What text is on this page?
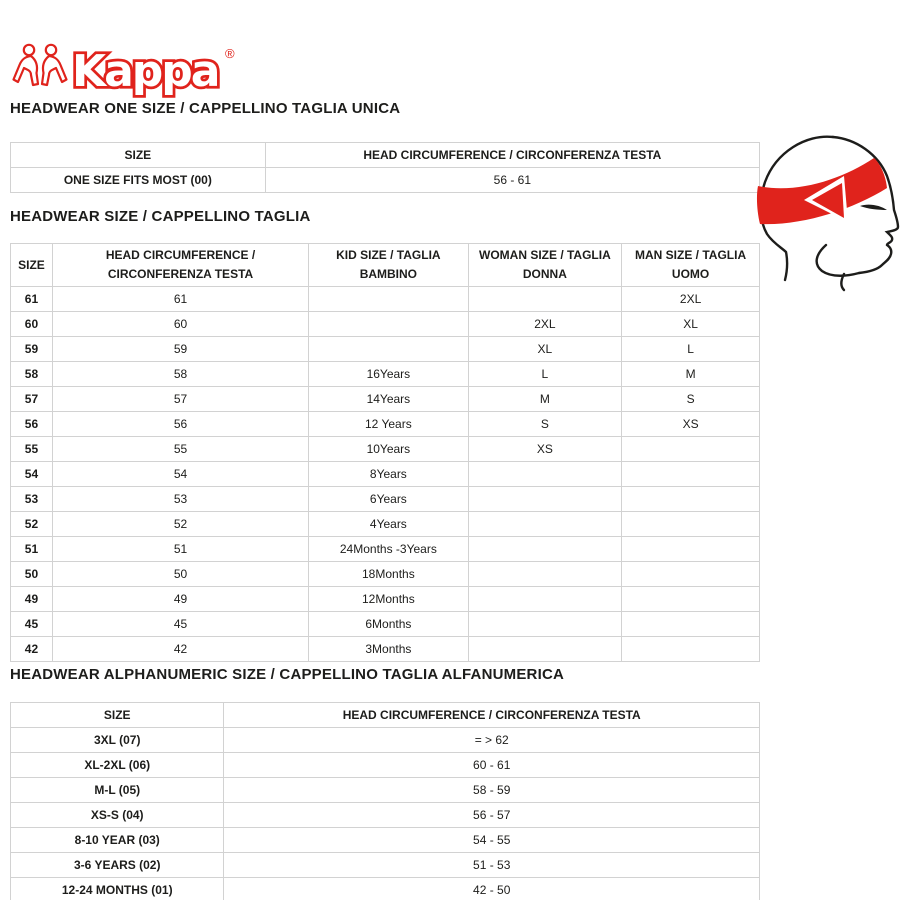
Kappa ®
HEADWEAR ONE SIZE / CAPPELLINO TAGLIA UNICA
SIZE	HEAD CIRCUMFERENCE / CIRCONFERENZA TESTA
ONE SIZE FITS MOST (00)	56 - 61
HEADWEAR SIZE / CAPPELLINO TAGLIA
SIZE	HEAD CIRCUMFERENCE / CIRCONFERENZA TESTA	KID SIZE / TAGLIA BAMBINO	WOMAN SIZE / TAGLIA DONNA	MAN SIZE / TAGLIA UOMO
61	61			2XL
60	60		2XL	XL
59	59		XL	L
58	58	16Years	L	M
57	57	14Years	M	S
56	56	12 Years	S	XS
55	55	10Years	XS	
54	54	8Years		
53	53	6Years		
52	52	4Years		
51	51	24Months -3Years		
50	50	18Months		
49	49	12Months		
45	45	6Months		
42	42	3Months		
HEADWEAR ALPHANUMERIC SIZE / CAPPELLINO TAGLIA ALFANUMERICA
SIZE	HEAD CIRCUMFERENCE / CIRCONFERENZA TESTA
3XL (07)	= > 62
XL-2XL (06)	60 - 61
M-L (05)	58 - 59
XS-S (04)	56 - 57
8-10 YEAR (03)	54 - 55
3-6 YEARS (02)	51 - 53
12-24 MONTHS (01)	42 - 50
